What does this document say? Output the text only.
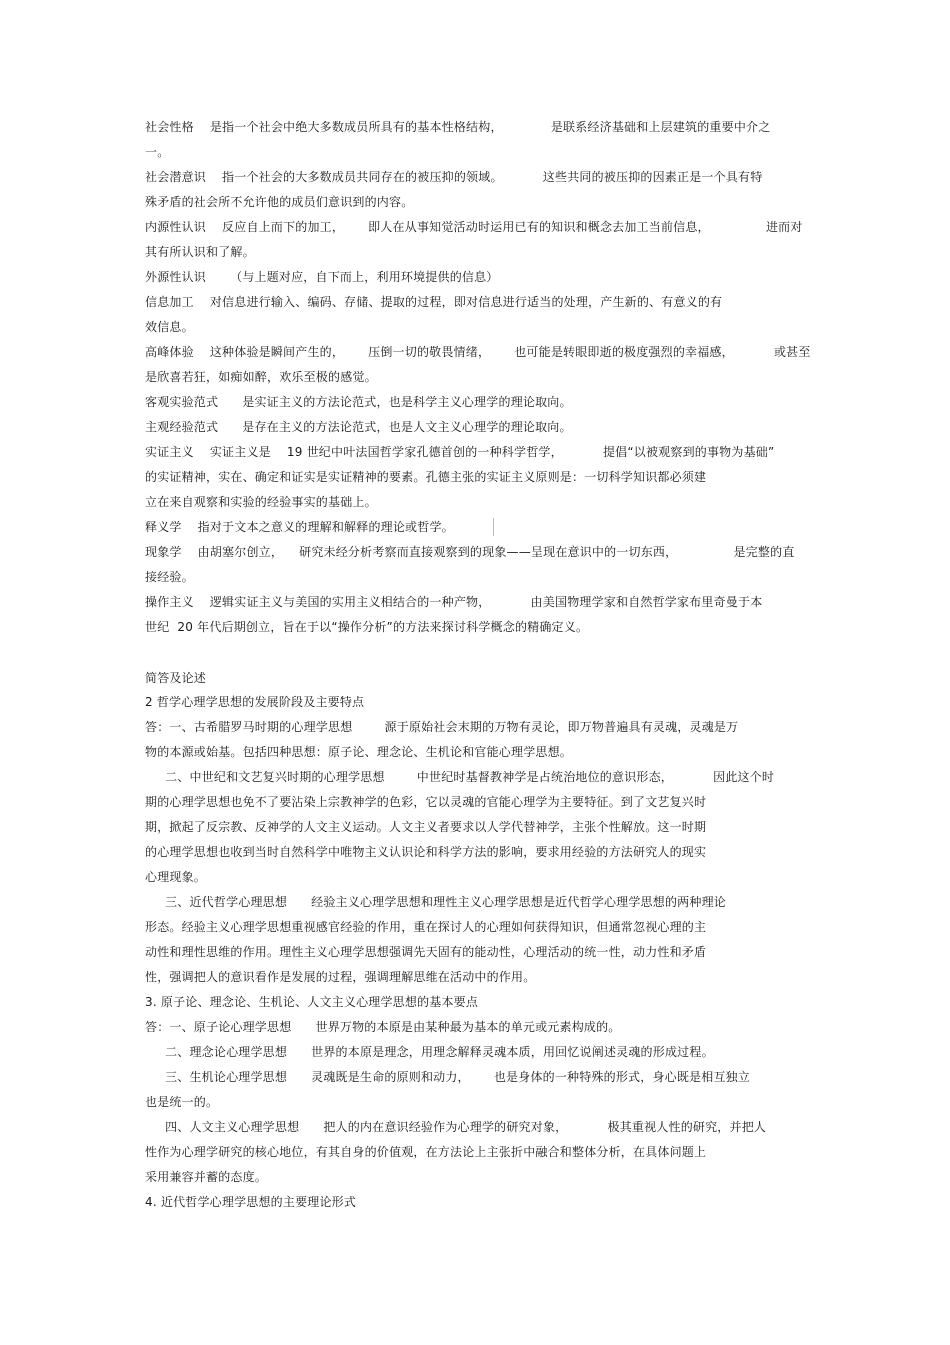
社会性格    是指一个社会中绝大多数成员所具有的基本性格结构，            是联系经济基础和上层建筑的重要中介之
一。
社会潜意识    指一个社会的大多数成员共同存在的被压抑的领域。          这些共同的被压抑的因素正是一个具有特
殊矛盾的社会所不允许他的成员们意识到的内容。
内源性认识    反应自上而下的加工，      即人在从事知觉活动时运用已有的知识和概念去加工当前信息，              进而对
其有所认识和了解。
外源性认识      （与上题对应，自下而上，利用环境提供的信息）
信息加工    对信息进行输入、编码、存储、提取的过程，即对信息进行适当的处理，产生新的、有意义的有
效信息。
高峰体验    这种体验是瞬间产生的，      压倒一切的敬畏情绪，      也可能是转眼即逝的极度强烈的幸福感，          或甚至
是欣喜若狂，如痴如醉，欢乐至极的感觉。
客观实验范式      是实证主义的方法论范式，也是科学主义心理学的理论取向。
主观经验范式      是存在主义的方法论范式，也是人文主义心理学的理论取向。
实证主义    实证主义是    19 世纪中叶法国哲学家孔德首创的一种科学哲学，          提倡“以被观察到的事物为基础”
的实证精神，实在、确定和证实是实证精神的要素。孔德主张的实证主义原则是：一切科学知识都必须建
立在来自观察和实验的经验事实的基础上。
释义学    指对于文本之意义的理解和解释的理论或哲学。
现象学    由胡塞尔创立，    研究未经分析考察而直接观察到的现象——呈现在意识中的一切东西，              是完整的直
接经验。
操作主义    逻辑实证主义与美国的实用主义相结合的一种产物，          由美国物理学家和自然哲学家布里奇曼于本
世纪  20 年代后期创立，旨在于以“操作分析”的方法来探讨科学概念的精确定义。
简答及论述
2 哲学心理学思想的发展阶段及主要特点
答：一、古希腊罗马时期的心理学思想        源于原始社会末期的万物有灵论，即万物普遍具有灵魂，灵魂是万
物的本源或始基。包括四种思想：原子论、理念论、生机论和官能心理学思想。
二、中世纪和文艺复兴时期的心理学思想        中世纪时基督教神学是占统治地位的意识形态，          因此这个时
期的心理学思想也免不了要沾染上宗教神学的色彩，它以灵魂的官能心理学为主要特征。到了文艺复兴时
期，掀起了反宗教、反神学的人文主义运动。人文主义者要求以人学代替神学，主张个性解放。这一时期
的心理学思想也收到当时自然科学中唯物主义认识论和科学方法的影响，要求用经验的方法研究人的现实
心理现象。
三、近代哲学心理思想      经验主义心理学思想和理性主义心理学思想是近代哲学心理学思想的两种理论
形态。经验主义心理学思想重视感官经验的作用，重在探讨人的心理如何获得知识，但通常忽视心理的主
动性和理性思维的作用。理性主义心理学思想强调先天固有的能动性，心理活动的统一性，动力性和矛盾
性，强调把人的意识看作是发展的过程，强调理解思维在活动中的作用。
3. 原子论、理念论、生机论、人文主义心理学思想的基本要点
答：一、原子论心理学思想      世界万物的本原是由某种最为基本的单元或元素构成的。
二、理念论心理学思想      世界的本原是理念，用理念解释灵魂本质，用回忆说阐述灵魂的形成过程。
三、生机论心理学思想      灵魂既是生命的原则和动力，      也是身体的一种特殊的形式，身心既是相互独立
也是统一的。
四、人文主义心理学思想      把人的内在意识经验作为心理学的研究对象，          极其重视人性的研究，并把人
性作为心理学研究的核心地位，有其自身的价值观，在方法论上主张折中融合和整体分析，在具体问题上
采用兼容并蓄的态度。
4. 近代哲学心理学思想的主要理论形式
